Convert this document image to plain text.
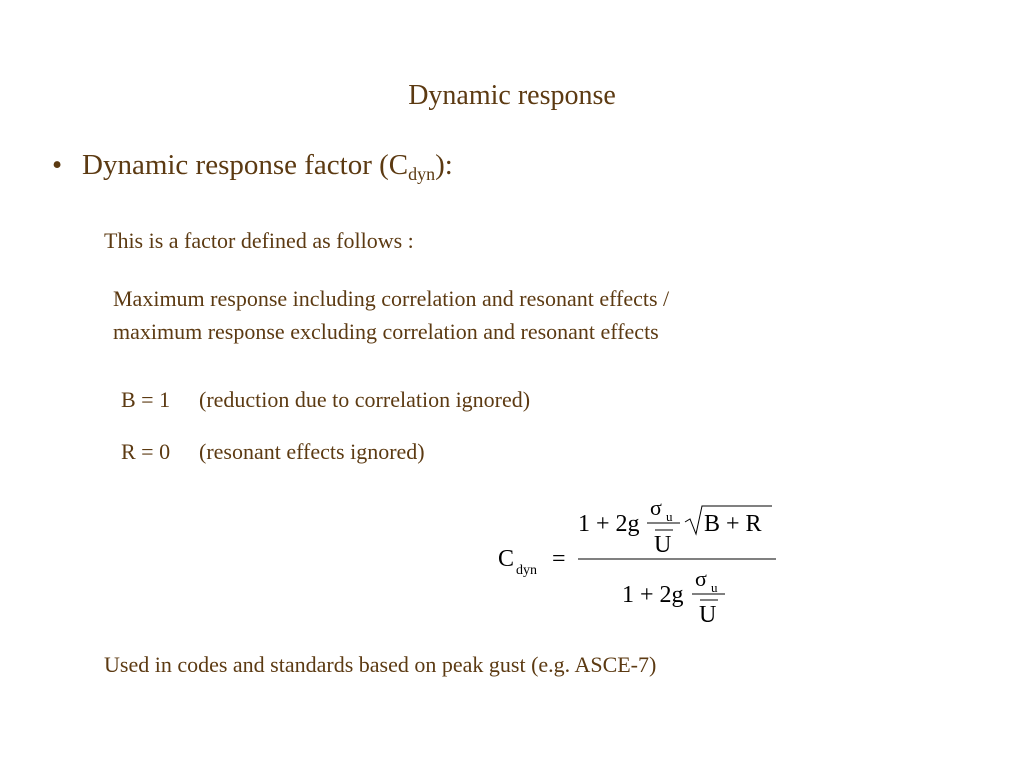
Dynamic response
• Dynamic response factor $(C_{dyn})$:
This is a factor defined as follows :
Maximum response including correlation and resonant effects /
maximum response excluding correlation and resonant effects
B = 1 (reduction due to correlation ignored)
R = 0 (resonant effects ignored)
C dyn =
1 + 2g
σ u
U
B + R
1 + 2g
σ u
U
Used in codes and standards based on peak gust (e.g. ASCE-7)
